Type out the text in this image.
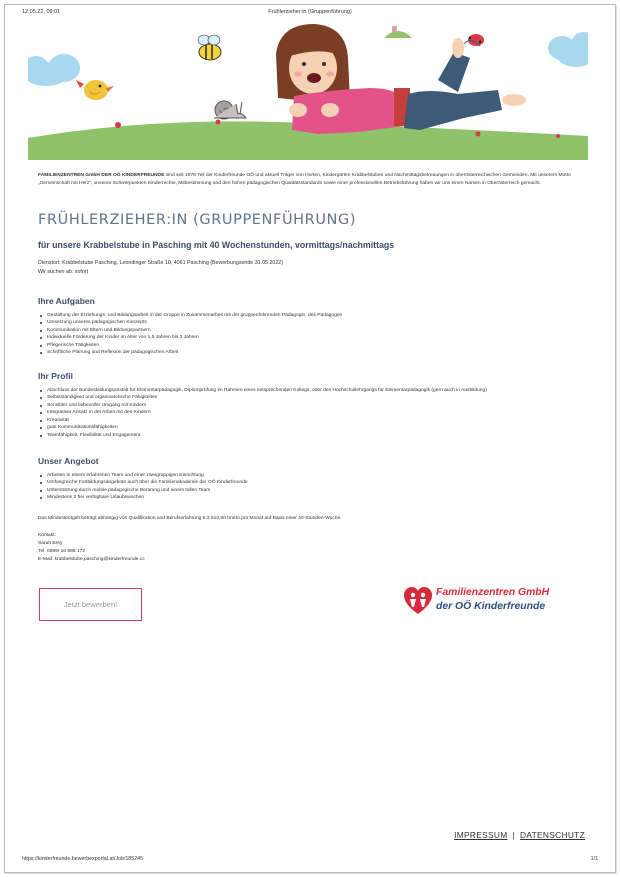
12.05.22, 09:01	Frühlerzieher:in (Gruppenführung)
FAMILIENZENTREN GmbH DER OÖ KINDERFREUNDE sind seit 1978 Teil der Kinderfreunde OÖ und aktuell Träger von Horten, Kindergärten Krabbelstuben und Nachmittagsbetreuungen in oberösterreichischen Gemeinden. Mit unserem Motto „Gemeinschaft mit Herz“, unseren Schwerpunkten Kinderrechte, Mitbestimmung und den hohen pädagogischen Qualitätsstandards sowie einer professionellen Betriebsführung haben wir uns einen Namen in Oberösterreich gemacht.
FRÜHLERZIEHER:IN (GRUPPENFÜHRUNG)
für unsere Krabbelstube in Pasching mit 40 Wochenstunden, vormittags/nachmittags
Dienstort: Krabbelstube Pasching, Leondinger Straße 10, 4061 Pasching (Bewerbungsende 31.05.2022)
Wir suchen ab: sofort
Ihre Aufgaben
Gestaltung der Erziehungs- und Bildungsarbeit in der Gruppe in Zusammenarbeit mit der gruppenführenden Pädagogin, des Pädagogen
Umsetzung unseres pädagogischen Konzepts
Kommunikation mit Eltern und Bildungspartnern
Individuelle Förderung der Kinder im Alter von 1,5 Jahren bis 3 Jahren
Pflegerische Tätigkeiten
Schriftliche Planung und Reflexion der pädagogischen Arbeit
Ihr Profil
Abschluss der Bundesbildungsanstalt für Elementarpädagogik, Diplomprüfung im Rahmen eines entsprechenden Kollegs, oder des Hochschullehrgangs für Elementarpädagogik (gern auch in Ausbildung)
Selbstständigkeit und organisatorische Fähigkeiten
Sensibler und liebevoller Umgang mit Kindern
Integrativer Ansatz in der Arbeit mit den Kindern
Kreativität
gute Kommunikationsfähigkeiten
Teamfähigkeit, Flexibilität und Engagement
Unser Angebot
Arbeiten in einem erfahrenen Team und einer zweigruppigen Einrichtung
Umfangreiche Fortbildungsangebote auch über die Familienakademie der OÖ Kinderfreunde
Unterstützung durch mobile pädagogische Beratung und einem tollen Team
Mindestens 2 frei verfügbare Urlaubswochen
Das Mindestentgelt beträgt abhängig von Qualifikation und Berufserfahrung € 2.510,80 brutto pro Monat auf Basis einer 40-Stunden-Woche.
Kontakt:
Sarah Brey
Tel: 0699/ 16 886 172
E-Mail: krabbelstube.pasching@kinderfreunde.cc
Jetzt bewerben!
Familienzentren GmbH
der OÖ Kinderfreunde
IMPRESSUM | DATENSCHUTZ
https://kinderfreunde.bewerbexportal.at/Job/185245	1/1
